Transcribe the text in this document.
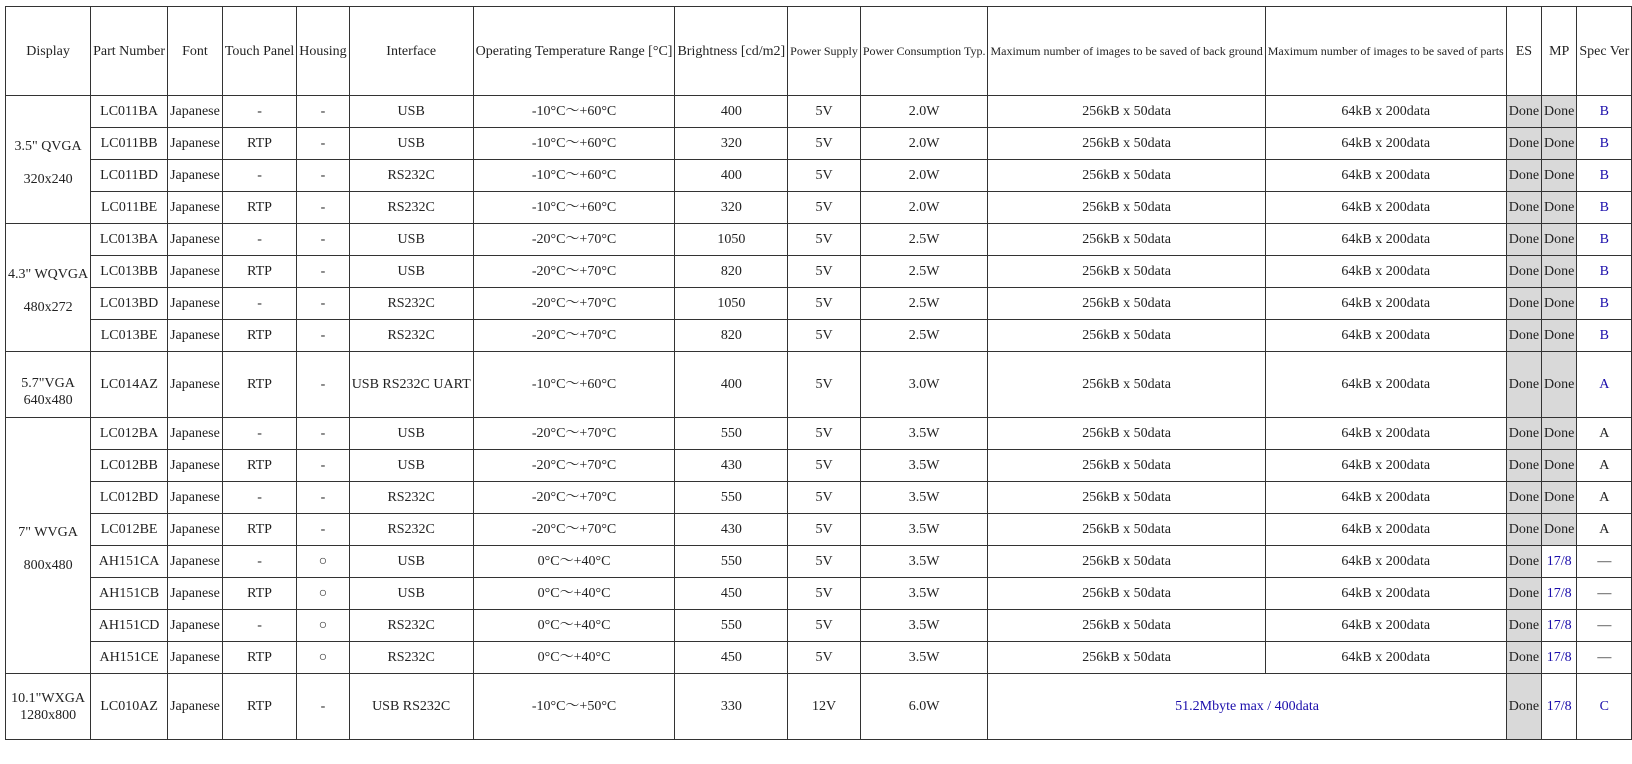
Display	Part Number	Font	Touch Panel	Housing	Interface	Operating Temperature Range [°C]	Brightness [cd/m2]	Power Supply	Power Consumption Typ.	Maximum number of images to be saved of back ground	Maximum number of images to be saved of parts	ES	MP	Spec Ver

3.5" QVGA
320x240	LC011BA	Japanese	-	-	USB	-10°C～+60°C	400	5V	2.0W	256kB x 50data	64kB x 200data	Done	Done	B
	LC011BB	Japanese	RTP	-	USB	-10°C～+60°C	320	5V	2.0W	256kB x 50data	64kB x 200data	Done	Done	B
	LC011BD	Japanese	-	-	RS232C	-10°C～+60°C	400	5V	2.0W	256kB x 50data	64kB x 200data	Done	Done	B
	LC011BE	Japanese	RTP	-	RS232C	-10°C～+60°C	320	5V	2.0W	256kB x 50data	64kB x 200data	Done	Done	B

4.3" WQVGA
480x272	LC013BA	Japanese	-	-	USB	-20°C～+70°C	1050	5V	2.5W	256kB x 50data	64kB x 200data	Done	Done	B
	LC013BB	Japanese	RTP	-	USB	-20°C～+70°C	820	5V	2.5W	256kB x 50data	64kB x 200data	Done	Done	B
	LC013BD	Japanese	-	-	RS232C	-20°C～+70°C	1050	5V	2.5W	256kB x 50data	64kB x 200data	Done	Done	B
	LC013BE	Japanese	RTP	-	RS232C	-20°C～+70°C	820	5V	2.5W	256kB x 50data	64kB x 200data	Done	Done	B

5.7"VGA
640x480	LC014AZ	Japanese	RTP	-	USB RS232C UART	-10°C～+60°C	400	5V	3.0W	256kB x 50data	64kB x 200data	Done	Done	A

7" WVGA
800x480	LC012BA	Japanese	-	-	USB	-20°C～+70°C	550	5V	3.5W	256kB x 50data	64kB x 200data	Done	Done	A
	LC012BB	Japanese	RTP	-	USB	-20°C～+70°C	430	5V	3.5W	256kB x 50data	64kB x 200data	Done	Done	A
	LC012BD	Japanese	-	-	RS232C	-20°C～+70°C	550	5V	3.5W	256kB x 50data	64kB x 200data	Done	Done	A
	LC012BE	Japanese	RTP	-	RS232C	-20°C～+70°C	430	5V	3.5W	256kB x 50data	64kB x 200data	Done	Done	A
	AH151CA	Japanese	-	○	USB	0°C～+40°C	550	5V	3.5W	256kB x 50data	64kB x 200data	Done	17/8	—
	AH151CB	Japanese	RTP	○	USB	0°C～+40°C	450	5V	3.5W	256kB x 50data	64kB x 200data	Done	17/8	—
	AH151CD	Japanese	-	○	RS232C	0°C～+40°C	550	5V	3.5W	256kB x 50data	64kB x 200data	Done	17/8	—
	AH151CE	Japanese	RTP	○	RS232C	0°C～+40°C	450	5V	3.5W	256kB x 50data	64kB x 200data	Done	17/8	—

10.1"WXGA
1280x800	LC010AZ	Japanese	RTP	-	USB RS232C	-10°C～+50°C	330	12V	6.0W	51.2Mbyte max / 400data		Done	17/8	C
